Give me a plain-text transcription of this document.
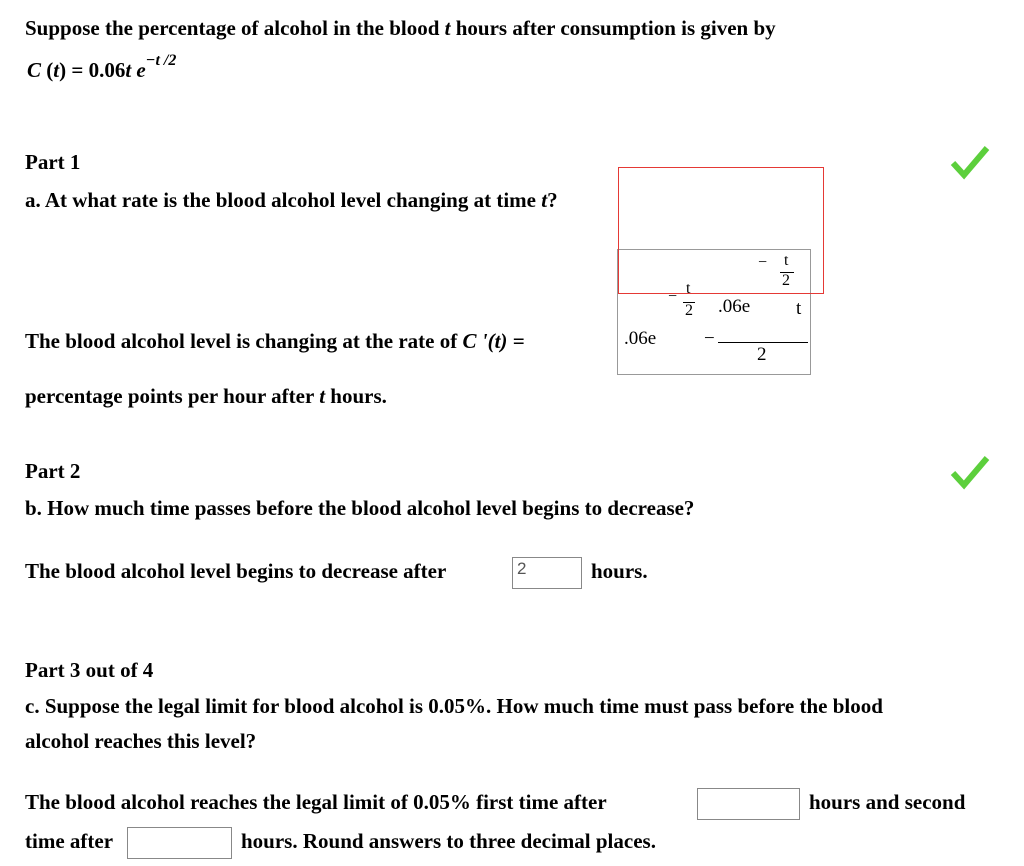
Suppose the percentage of alcohol in the blood t hours after consumption is given by
C (t) = 0.06t $e^{-t /2}$
Part 1
a. At what rate is the blood alcohol level changing at time t?
The blood alcohol level is changing at the rate of C '(t) =
− t
2
− t
2 .06e t
.06e	−
2
percentage points per hour after t hours.
Part 2
b. How much time passes before the blood alcohol level begins to decrease?
The blood alcohol level begins to decrease after	2	hours.
Part 3 out of 4
c. Suppose the legal limit for blood alcohol is 0.05%. How much time must pass before the blood
alcohol reaches this level?
The blood alcohol reaches the legal limit of 0.05% first time after	hours and second
time after	hours. Round answers to three decimal places.
